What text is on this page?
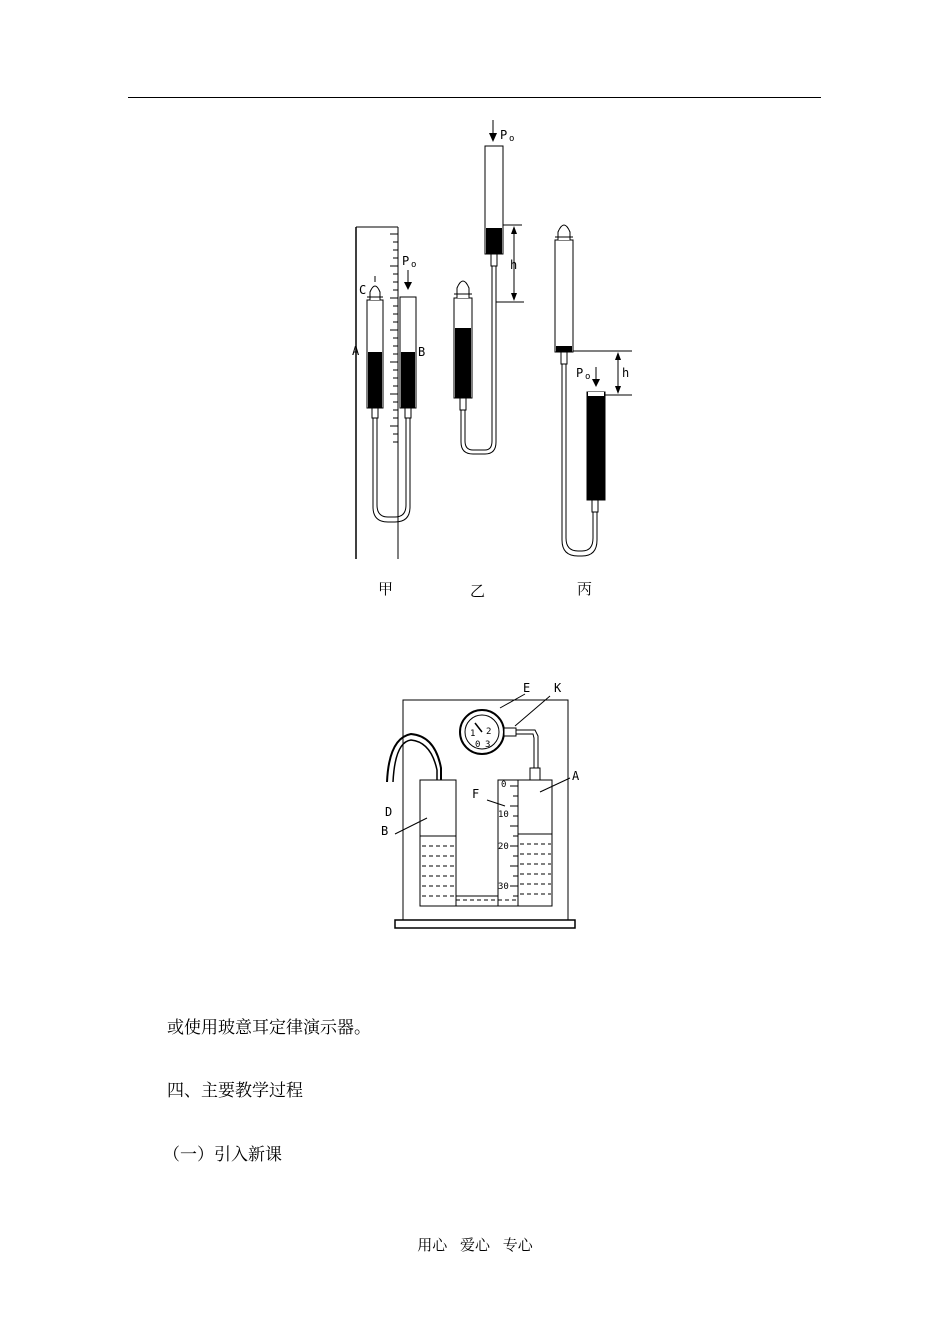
P o
C
A	B
甲
P o
h
乙
h
P o
丙
1 2
0 3
0
10
20
30
E K
A
B
D
F
或使用玻意耳定律演示器。
四、主要教学过程
（一）引入新课
用心 爱心 专心
